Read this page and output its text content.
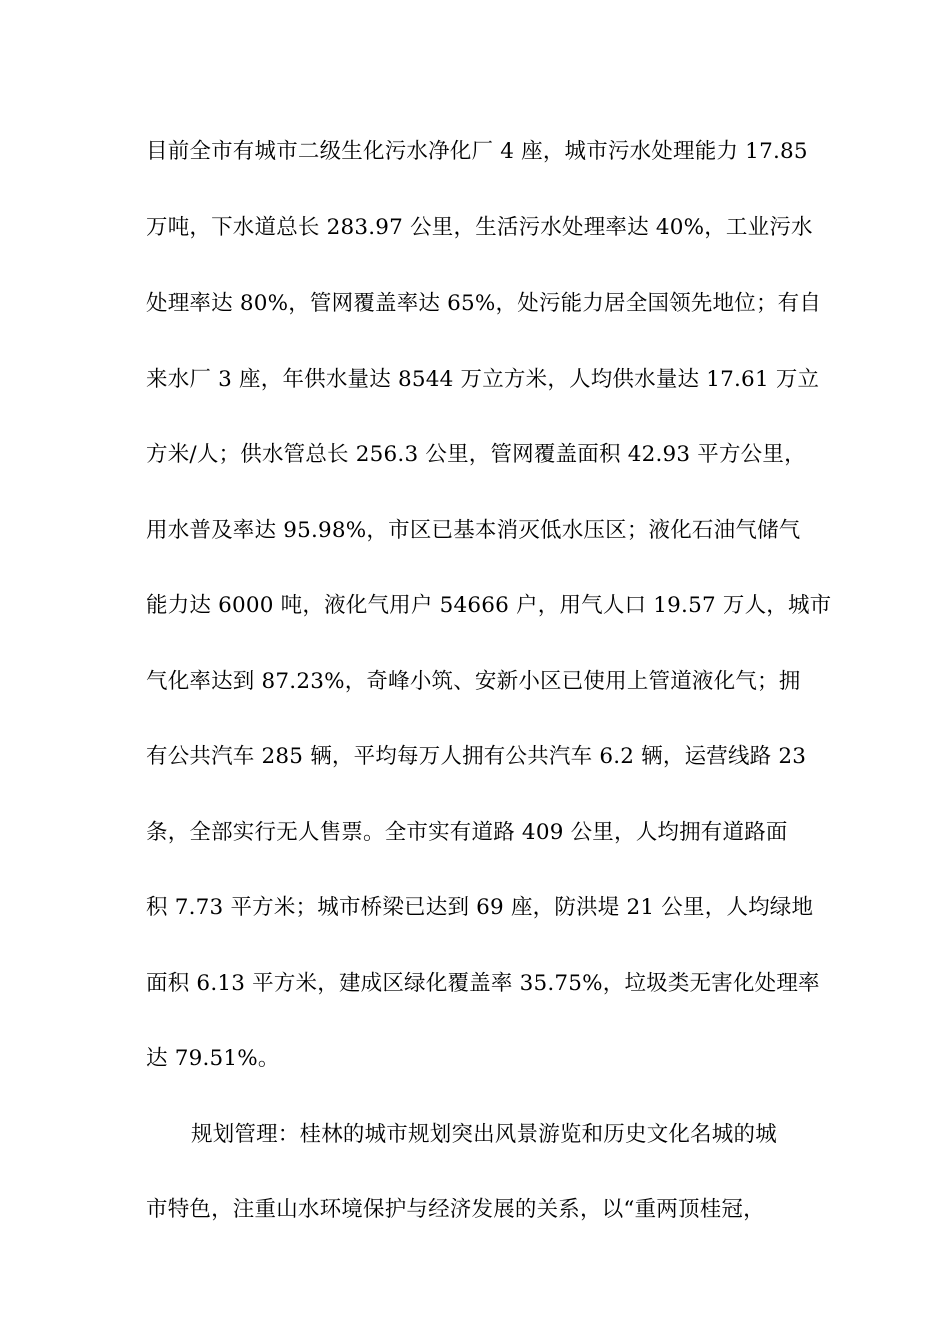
目前全市有城市二级生化污水净化厂 4 座，城市污水处理能力 17.85
万吨，下水道总长 283.97 公里，生活污水处理率达 40%，工业污水
处理率达 80%，管网覆盖率达 65%，处污能力居全国领先地位；有自
来水厂 3 座，年供水量达 8544 万立方米，人均供水量达 17.61 万立
方米/人；供水管总长 256.3 公里，管网覆盖面积 42.93 平方公里，
用水普及率达 95.98%，市区已基本消灭低水压区；液化石油气储气
能力达 6000 吨，液化气用户 54666 户，用气人口 19.57 万人，城市
气化率达到 87.23%，奇峰小筑、安新小区已使用上管道液化气；拥
有公共汽车 285 辆，平均每万人拥有公共汽车 6.2 辆，运营线路 23
条，全部实行无人售票。全市实有道路 409 公里，人均拥有道路面
积 7.73 平方米；城市桥梁已达到 69 座，防洪堤 21 公里，人均绿地
面积 6.13 平方米，建成区绿化覆盖率 35.75%，垃圾类无害化处理率
达 79.51%。
规划管理：桂林的城市规划突出风景游览和历史文化名城的城
市特色，注重山水环境保护与经济发展的关系，以“重两顶桂冠，
